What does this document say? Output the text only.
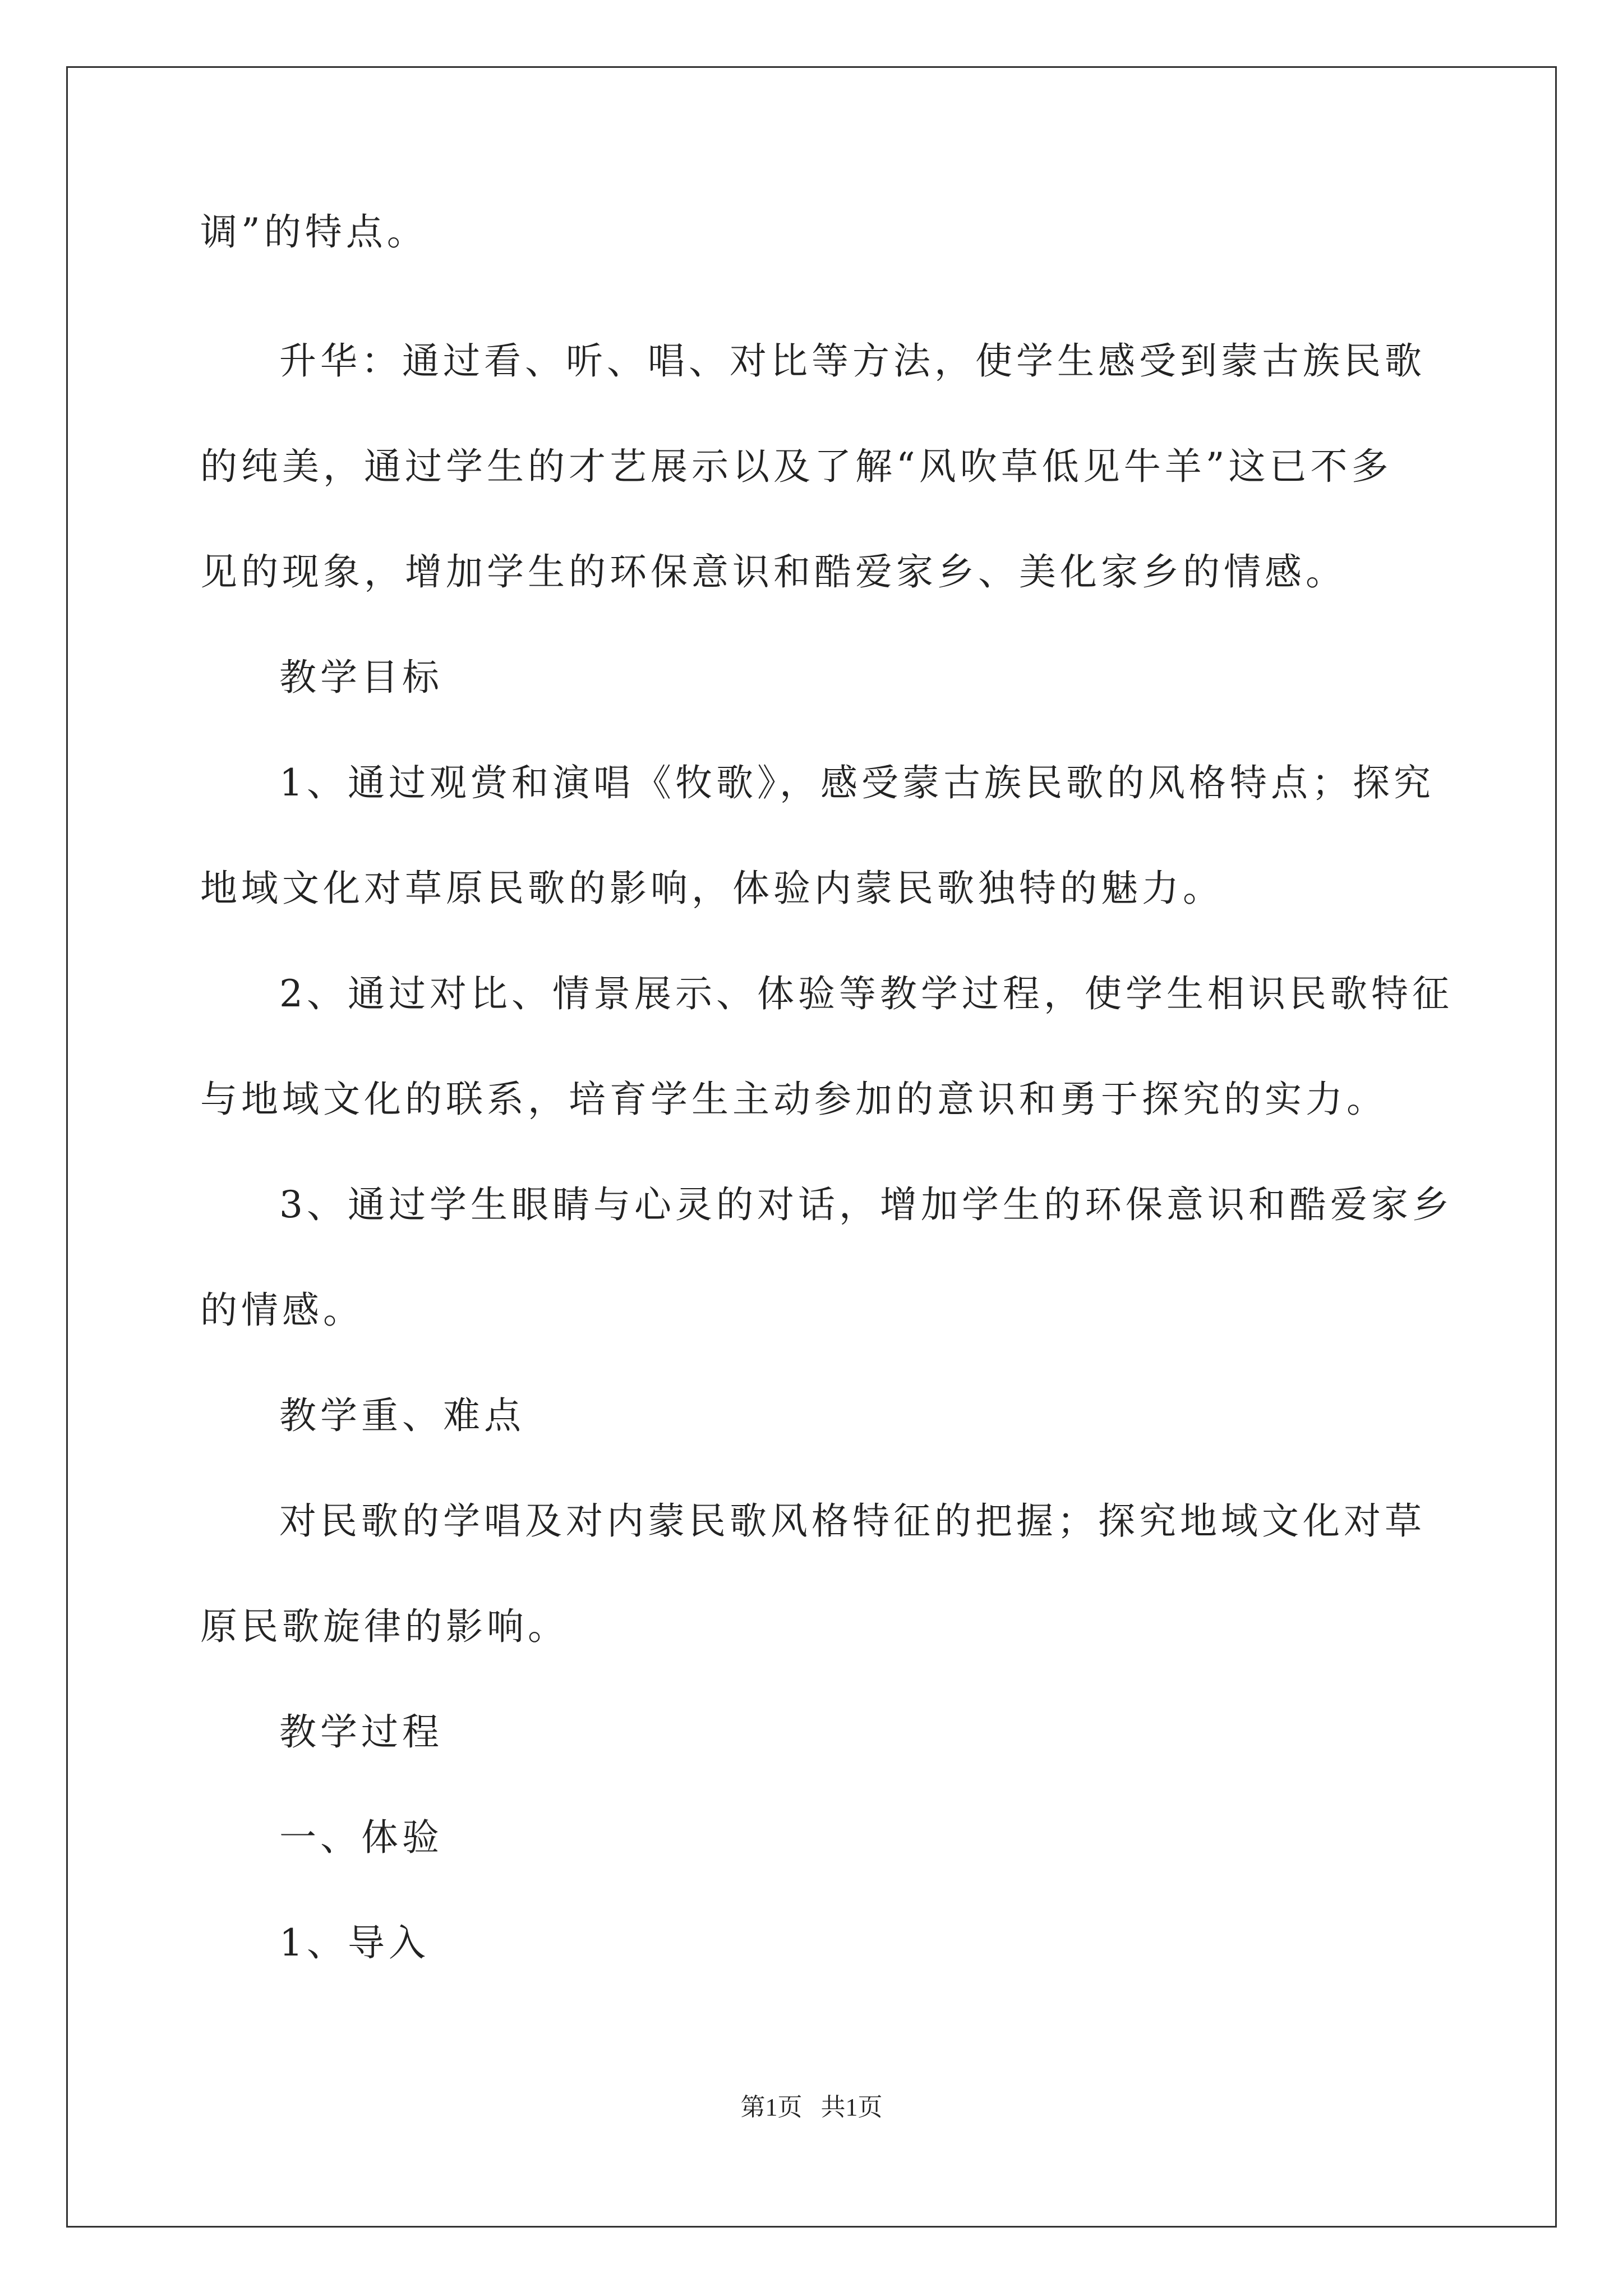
调”的特点。

升华：通过看、听、唱、对比等方法，使学生感受到蒙古族民歌

的纯美，通过学生的才艺展示以及了解“风吹草低见牛羊”这已不多

见的现象，增加学生的环保意识和酷爱家乡、美化家乡的情感。

教学目标

1、通过观赏和演唱《牧歌》，感受蒙古族民歌的风格特点；探究

地域文化对草原民歌的影响，体验内蒙民歌独特的魅力。

2、通过对比、情景展示、体验等教学过程，使学生相识民歌特征

与地域文化的联系，培育学生主动参加的意识和勇于探究的实力。

3、通过学生眼睛与心灵的对话，增加学生的环保意识和酷爱家乡

的情感。

教学重、难点

对民歌的学唱及对内蒙民歌风格特征的把握；探究地域文化对草

原民歌旋律的影响。

教学过程

一、体验

1、导入

第1页   共1页
